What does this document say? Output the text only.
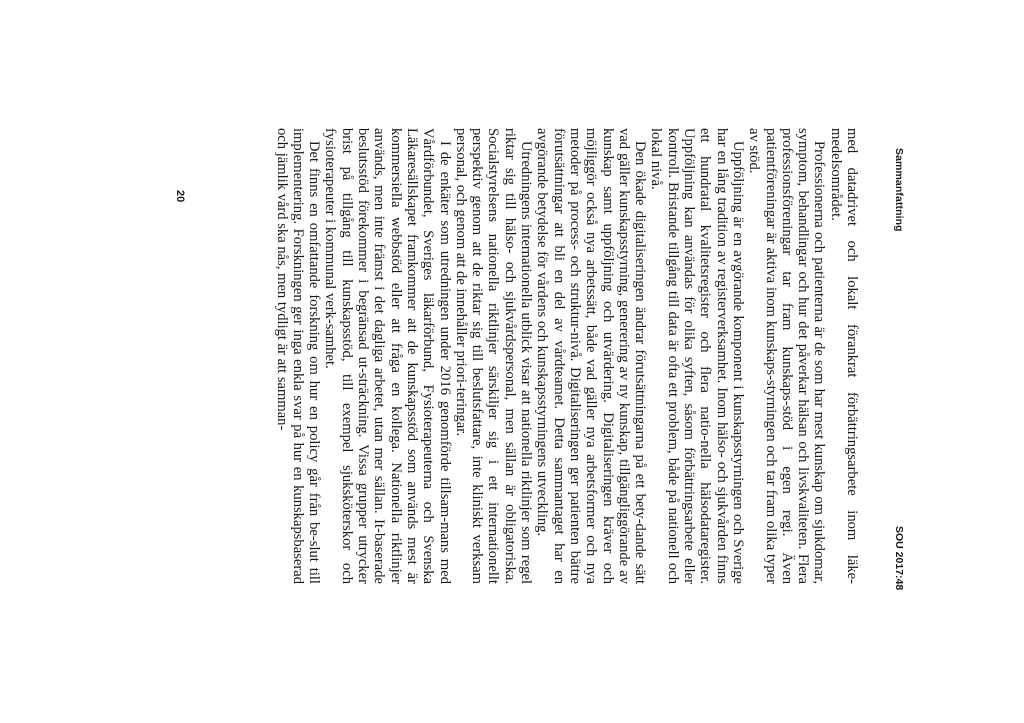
Sammanfattning
SOU 2017:48

med datadrivet och lokalt förankrat förbättringsarbete inom läke-medelsområdet.

Professionerna och patienterna är de som har mest kunskap om sjukdomar, symptom, behandlingar och hur det påverkar hälsan och livskvaliteten. Flera professionsföreningar tar fram kunskaps-stöd i egen regi. Även patientföreningar är aktiva inom kunskaps-styrningen och tar fram olika typer av stöd.

Uppföljning är en avgörande komponent i kunskapsstyrningen och Sverige har en lång tradition av registerverksamhet. Inom hälso- och sjukvården finns ett hundratal kvalitetsregister och flera natio-nella hälsodataregister. Uppföljning kan användas för olika syften, såsom förbättringsarbete eller kontroll. Bristande tillgång till data är ofta ett problem, både på nationell och lokal nivå.

Den ökade digitaliseringen ändrar förutsättningarna på ett bety-dande sätt vad gäller kunskapsstyrning, generering av ny kunskap, tillgängliggörande av kunskap samt uppföljning och utvärdering. Digitaliseringen kräver och möjliggör också nya arbetssätt, både vad gäller nya arbetsformer och nya metoder på process- och struktur-nivå. Digitaliseringen ger patienten bättre förutsättningar att bli en del av vårdteamet. Detta sammantaget har en avgörande betydelse för vårdens och kunskapsstyrningens utveckling.

Utredningens internationella utblick visar att nationella riktlinjer som regel riktar sig till hälso- och sjukvårdspersonal, men sällan är obligatoriska. Socialstyrelsens nationella riktlinjer särskiljer sig i ett internationellt perspektiv genom att de riktar sig till beslutsfattare, inte kliniskt verksam personal, och genom att de innehåller priori-teringar.

I de enkäter som utredningen under 2016 genomförde tillsam-mans med Vårdförbundet, Sveriges läkarförbund, Fysioterapeuterna och Svenska Läkaresällskapet framkommer att de kunskapsstöd som används mest är kommersiella webbstöd eller att fråga en kollega. Nationella riktlinjer används, men inte främst i det dagliga arbetet, utan mer sällan. It-baserade beslutsstöd förekommer i begränsad ut-sträckning. Vissa grupper utrycker brist på tillgång till kunskapsstöd, till exempel sjuksköterskor och fysioterapeuter i kommunal verk-samhet.

Det finns en omfattande forskning om hur en policy går från be-slut till implementering. Forskningen ger inga enkla svar på hur en kunskapsbaserad och jämlik vård ska nås, men tydligt är att samman-

20
